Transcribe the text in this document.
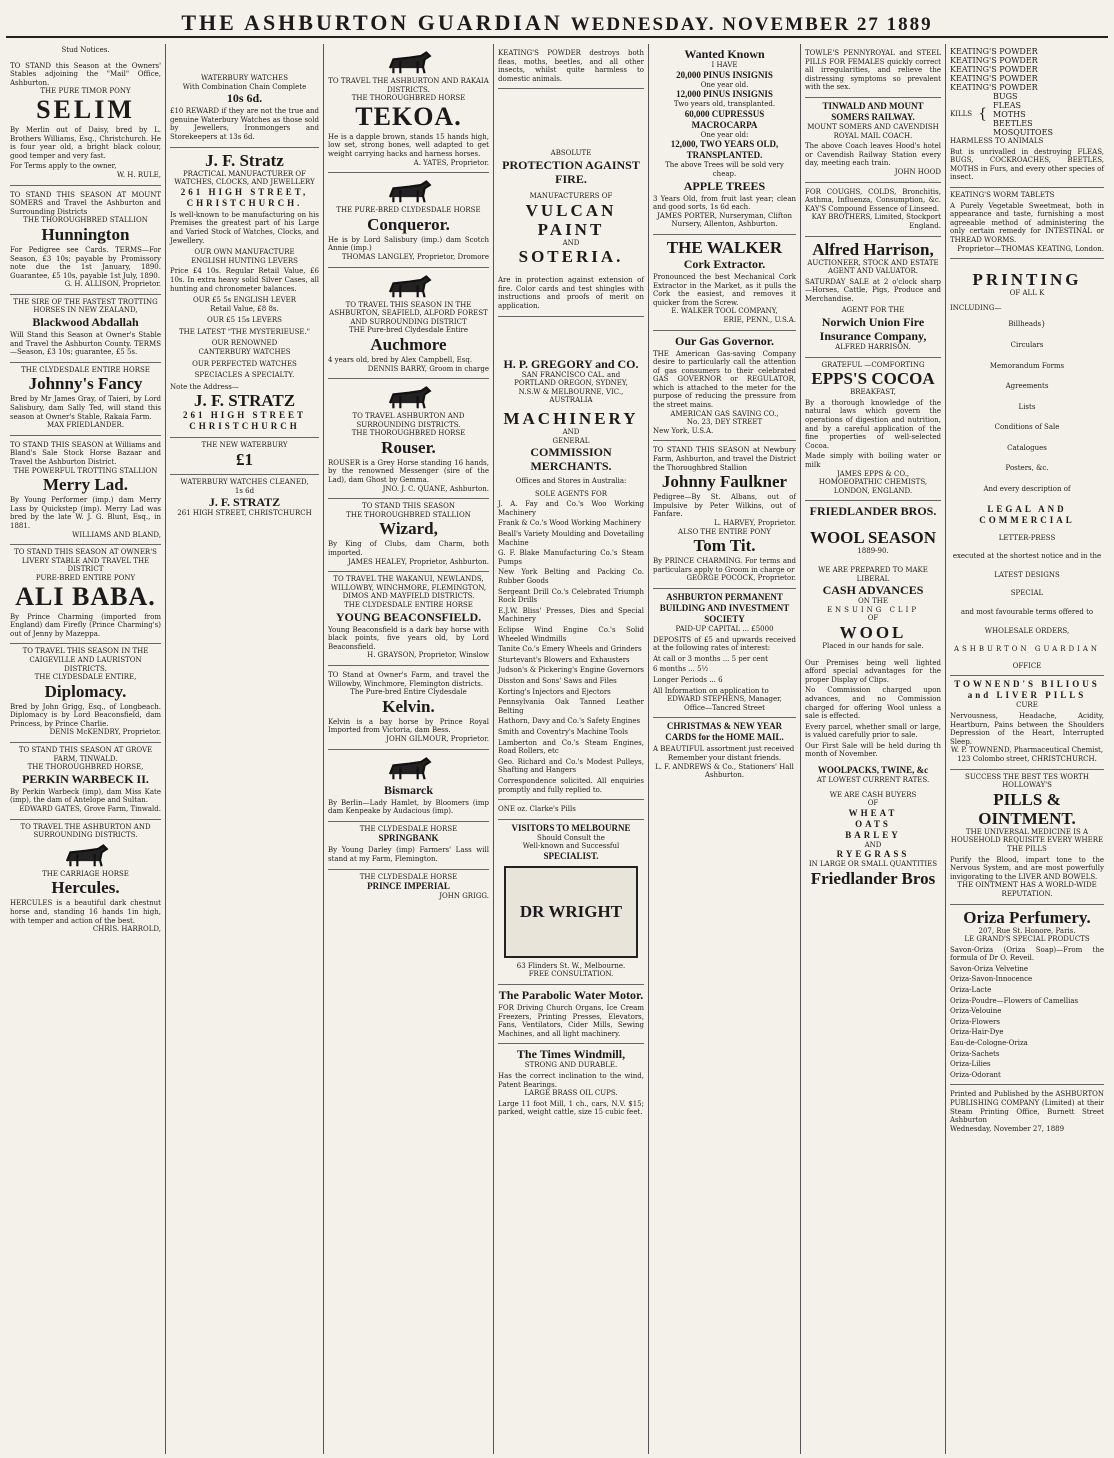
THE ASHBURTON GUARDIAN WEDNESDAY. NOVEMBER 27 1889
Stud Notices.

TO STAND this Season at the Owners' Stables adjoining the "Mail" Office, Ashburton.

THE PURE TIMOR PONY
SELIM

By Merlin out of Daisy, bred by L. Brothers Williams, Esq., Christchurch. He is four year old, a bright black colour, good temper and very fast.

For Terms apply to the owner,

W. H. RULE,

TO STAND THIS SEASON AT MOUNT SOMERS and Travel the Ashburton and Surrounding Districts

THE THOROUGHBRED STALLION
Hunnington

For Pedigree see Cards. TERMS—For Season, £3 10s; payable by Promissory note due the 1st January, 1890. Guarantee, £5 10s, payable 1st July, 1890.

G. H. ALLISON, Proprietor.
THE SIRE OF THE FASTEST TROTTING HORSES IN NEW ZEALAND,
Blackwood Abdallah

Will Stand this Season at Owner's Stable and Travel the Ashburton County. TERMS—Season, £3 10s; guarantee, £5 5s.

THE CLYDESDALE ENTIRE HORSE
Johnny's Fancy

Bred by Mr James Gray, of Taieri, by Lord Salisbury, dam Sally Ted, will stand this season at Owner's Stable, Rakaia Farm.

MAX FRIEDLANDER.

TO STAND THIS SEASON at Williams and Bland's Sale Stock Horse Bazaar and Travel the Ashburton District.

THE POWERFUL TROTTING STALLION
Merry Lad.

By Young Performer (imp.) dam Merry Lass by Quickstep (imp). Merry Lad was bred by the late W. J. G. Blunt, Esq., in 1881.

WILLIAMS AND BLAND,
TO STAND THIS SEASON AT OWNER'S LIVERY STABLE AND TRAVEL THE DISTRICT
PURE-BRED ENTIRE PONY
ALI BABA.

By Prince Charming (imported from England) dam Firefly (Prince Charming's) out of Jenny by Mazeppa.

TO TRAVEL THIS SEASON IN THE CAIGEVILLE AND LAURISTON DISTRICTS.
THE CLYDESDALE ENTIRE,
Diplomacy.

Bred by John Grigg, Esq., of Longbeach. Diplomacy is by Lord Beaconsfield, dam Princess, by Prince Charlie.

DENIS McKENDRY, Proprietor.
TO STAND THIS SEASON AT GROVE FARM, TINWALD.
THE THOROUGHBRED HORSE,
PERKIN WARBECK II.

By Perkin Warbeck (imp), dam Miss Kate (imp), the dam of Antelope and Sultan.

EDWARD GATES, Grove Farm, Tinwald.
TO TRAVEL THE ASHBURTON AND SURROUNDING DISTRICTS.
THE CARRIAGE HORSE
Hercules.

HERCULES is a beautiful dark chestnut horse and, standing 16 hands 1in high, with temper and action of the best.

CHRIS. HARROLD,
WATERBURY WATCHES
With Combination Chain Complete
10s 6d.

£10 REWARD if they are not the true and genuine Waterbury Watches as those sold by Jewellers, Ironmongers and Storekeepers at 13s 6d.

J. F. Stratz
PRACTICAL MANUFACTURER OF WATCHES, CLOCKS, AND JEWELLERY
261 HIGH STREET,
CHRISTCHURCH.

Is well-known to be manufacturing on his Premises the greatest part of his Large and Varied Stock of Watches, Clocks, and Jewellery.

OUR OWN MANUFACTURE
ENGLISH HUNTING LEVERS

Price £4 10s. Regular Retail Value, £6 10s. In extra heavy solid Silver Cases, all hunting and chronometer balances.

OUR £5 5s ENGLISH LEVER
Retail Value, £8 8s.
OUR £5 15s LEVERS
THE LATEST "THE MYSTERIEUSE."
OUR RENOWNED
CANTERBURY WATCHES
OUR PERFECTED WATCHES
SPECIACLES A SPECIALTY.
Note the Address—
J. F. STRATZ
261 HIGH STREET
CHRISTCHURCH
THE NEW WATERBURY
£1
WATERBURY WATCHES CLEANED,
1s 6d
J. F. STRATZ
261 HIGH STREET, CHRISTCHURCH
TO TRAVEL THE ASHBURTON AND RAKAIA DISTRICTS.
THE THOROUGHBRED HORSE
TEKOA.

He is a dapple brown, stands 15 hands high, low set, strong bones, well adapted to get weight carrying hacks and harness horses.

A. YATES, Proprietor.
THE PURE-BRED CLYDESDALE HORSE
Conqueror.

He is by Lord Salisbury (imp.) dam Scotch Annie (imp.)

THOMAS LANGLEY, Proprietor, Dromore
TO TRAVEL THIS SEASON IN THE ASHBURTON, SEAFIELD, ALFORD FOREST AND SURROUNDING DISTRICT
THE Pure-bred Clydesdale Entire
Auchmore

4 years old, bred by Alex Campbell, Esq.

DENNIS BARRY, Groom in charge
TO TRAVEL ASHBURTON AND SURROUNDING DISTRICTS.
THE THOROUGHBRED HORSE
Rouser.

ROUSER is a Grey Horse standing 16 hands, by the renowned Messenger (sire of the Lad), dam Ghost by Gemma.

JNO. J. C. QUANE, Ashburton.
TO STAND THIS SEASON
THE THOROUGHBRED STALLION
Wizard,

By King of Clubs, dam Charm, both imported.

JAMES HEALEY, Proprietor, Ashburton.
TO TRAVEL THE WAKANUI, NEWLANDS, WILLOWBY, WINCHMORE, FLEMINGTON, DIMOS AND MAYFIELD DISTRICTS.
THE CLYDESDALE ENTIRE HORSE
YOUNG BEACONSFIELD.

Young Beaconsfield is a dark bay horse with black points, five years old, by Lord Beaconsfield.

H. GRAYSON, Proprietor, Winslow

TO Stand at Owner's Farm, and travel the Willowby, Winchmore, Flemington districts.

The Pure-bred Entire Clydesdale
Kelvin.

Kelvin is a bay horse by Prince Royal Imported from Victoria, dam Bess.

JOHN GILMOUR, Proprietor.
Bismarck

By Berlin—Lady Hamlet, by Bloomers (imp dam Kenpeake by Audacious (imp).

THE CLYDESDALE HORSE
SPRINGBANK

By Young Darley (imp) Farmers' Lass will stand at my Farm, Flemington.

THE CLYDESDALE HORSE
PRINCE IMPERIAL
JOHN GRIGG.

KEATING'S POWDER destroys both fleas, moths, beetles, and all other insects, whilst quite harmless to domestic animals.

ABSOLUTE
PROTECTION AGAINST FIRE.
MANUFACTURERS OF
VULCAN PAINT
AND
SOTERIA.

Are in protection against extension of fire. Color cards and test shingles with instructions and proofs of merit on application.

H. P. GREGORY and CO.
SAN FRANCISCO CAL. and
PORTLAND OREGON, SYDNEY,
N.S.W & MELBOURNE, VIC.,
AUSTRALIA
MACHINERY
AND
GENERAL
COMMISSION MERCHANTS.
Offices and Stores in Australia:
SOLE AGENTS FOR

J. A. Fay and Co.'s Woo Working Machinery

Frank & Co.'s Wood Working Machinery

Beall's Variety Moulding and Dovetailing Machine

G. F. Blake Manufacturing Co.'s Steam Pumps

New York Belting and Packing Co. Rubber Goods

Sergeant Drill Co.'s Celebrated Triumph Rock Drills

E.J.W. Bliss' Presses, Dies and Special Machinery

Eclipse Wind Engine Co.'s Solid Wheeled Windmills

Tanite Co.'s Emery Wheels and Grinders

Sturtevant's Blowers and Exhausters

Judson's & Pickering's Engine Governors

Disston and Sons' Saws and Files

Korting's Injectors and Ejectors

Pennsylvania Oak Tanned Leather Belting

Hathorn, Davy and Co.'s Safety Engines

Smith and Coventry's Machine Tools

Lamberton and Co.'s Steam Engines, Road Rollers, etc

Geo. Richard and Co.'s Modest Pulleys, Shafting and Hangers

Correspondence solicited. All enquiries promptly and fully replied to.

ONE oz. Clarke's Pills

VISITORS TO MELBOURNE
Should Consult the
Well-known and Successful
SPECIALIST.
DR WRIGHT
63 Flinders St. W., Melbourne.
FREE CONSULTATION.
The Parabolic Water Motor.

FOR Driving Church Organs, Ice Cream Freezers, Printing Presses, Elevators, Fans, Ventilators, Cider Mills, Sewing Machines, and all light machinery.

The Times Windmill,
STRONG AND DURABLE.

Has the correct inclination to the wind, Patent Bearings.

LARGE BRASS OIL CUPS.

Large 11 foot Mill, 1 ch., cars, N.V. $15; parked, weight cattle, size 15 cubic feet.

Wanted Known
I HAVE
20,000 PINUS INSIGNIS
One year old.
12,000 PINUS INSIGNIS
Two years old, transplanted.
60,000 CUPRESSUS MACROCARPA
One year old:
12,000, TWO YEARS OLD, TRANSPLANTED.
The above Trees will be sold very cheap.
APPLE TREES

3 Years Old, from fruit last year; clean and good sorts, 1s 6d each.

JAMES PORTER, Nurseryman, Clifton Nursery, Allenton, Ashburton.
THE WALKER
Cork Extractor.

Pronounced the best Mechanical Cork Extractor in the Market, as it pulls the Cork the easiest, and removes it quicker from the Screw.

E. WALKER TOOL COMPANY,
ERIE, PENN., U.S.A.
Our Gas Governor.

THE American Gas-saving Company desire to particularly call the attention of gas consumers to their celebrated GAS GOVERNOR or REGULATOR, which is attached to the meter for the purpose of reducing the pressure from the street mains.

AMERICAN GAS SAVING CO.,
No. 23, DEY STREET
New York, U.S.A.

TO STAND THIS SEASON at Newbury Farm, Ashburton, and travel the District the Thoroughbred Stallion

Johnny Faulkner

Pedigree—By St. Albans, out of Impulsive by Peter Wilkins, out of Fanfare.

L. HARVEY, Proprietor.
ALSO THE ENTIRE PONY
Tom Tit.

By PRINCE CHARMING. For terms and particulars apply to Groom in charge or

GEORGE POCOCK, Proprietor.
ASHBURTON PERMANENT BUILDING AND INVESTMENT SOCIETY
PAID-UP CAPITAL ... £5000

DEPOSITS of £5 and upwards received at the following rates of interest:

At call or 3 months ... 5 per cent

6 months ... 5½

Longer Periods ... 6

All Information on application to

EDWARD STEPHENS, Manager,
Office—Tancred Street
CHRISTMAS & NEW YEAR CARDS for the HOME MAIL.

A BEAUTIFUL assortment just received

Remember your distant friends.
L. F. ANDREWS & Co., Stationers' Hall Ashburton.

TOWLE'S PENNYROYAL and STEEL PILLS FOR FEMALES quickly correct all irregularities, and relieve the distressing symptoms so prevalent with the sex.

TINWALD AND MOUNT SOMERS RAILWAY.
MOUNT SOMERS AND CAVENDISH ROYAL MAIL COACH.

The above Coach leaves Hood's hotel or Cavendish Railway Station every day, meeting each train.

JOHN HOOD

FOR COUGHS, COLDS, Bronchitis, Asthma, Influenza, Consumption, &c. KAY'S Compound Essence of Linseed.

KAY BROTHERS, Limited, Stockport England.
Alfred Harrison,
AUCTIONEER, STOCK AND ESTATE AGENT AND VALUATOR.

SATURDAY SALE at 2 o'clock sharp —Horses, Cattle, Pigs, Produce and Merchandise.

AGENT FOR THE
Norwich Union Fire Insurance Company,
ALFRED HARRISON.
GRATEFUL —COMFORTING
EPPS'S COCOA
BREAKFAST,

By a thorough knowledge of the natural laws which govern the operations of digestion and nutrition, and by a careful application of the fine properties of well-selected Cocoa.

Made simply with boiling water or milk

JAMES EPPS & CO., HOMOEOPATHIC CHEMISTS, LONDON, ENGLAND.
FRIEDLANDER BROS.
WOOL SEASON
1889-90.
WE ARE PREPARED TO MAKE LIBERAL
CASH ADVANCES
ON THE
ENSUING CLIP
OF
WOOL
Placed in our hands for sale.

Our Premises being well lighted afford special advantages for the proper Display of Clips.

No Commission charged upon advances, and no Commission charged for offering Wool unless a sale is effected.

Every parcel, whether small or large, is valued carefully prior to sale.

Our First Sale will be held during th month of November.

WOOLPACKS, TWINE, &c
AT LOWEST CURRENT RATES.
WE ARE CASH BUYERS
OF
WHEAT
OATS
BARLEY
AND
RYEGRASS
IN LARGE OR SMALL QUANTITIES
Friedlander Bros
KEATING'S POWDER
KEATING'S POWDER
KEATING'S POWDER
KEATING'S POWDER
KEATING'S POWDER
KILLS {
BUGS
FLEAS
MOTHS
BEETLES
MOSQUITOES
HARMLESS TO ANIMALS

But is unrivalled in destroying FLEAS, BUGS, COCKROACHES, BEETLES, MOTHS in Furs, and every other species of insect.

KEATING'S WORM TABLETS

A Purely Vegetable Sweetmeat, both in appearance and taste, furnishing a most agreeable method of administering the only certain remedy for INTESTINAL or THREAD WORMS.

Proprietor—THOMAS KEATING, London.
PRINTING
OF ALL K
INCLUDING—
Billheads}
Circulars
Memorandum Forms
Agreements
Lists
Conditions of Sale
Catalogues
Posters, &c.
And every description of
LEGAL AND COMMERCIAL
LETTER-PRESS
executed at the shortest notice and in the
LATEST DESIGNS
SPECIAL
and most favourable terms offered to
WHOLESALE ORDERS,
ASHBURTON GUARDIAN
OFFICE
TOWNEND'S BILIOUS and LIVER PILLS
CURE

Nervousness, Headache, Acidity, Heartburn, Pains between the Shoulders Depression of the Heart, Interrupted Sleep.

W. P. TOWNEND, Pharmaceutical Chemist, 123 Colombo street, CHRISTCHURCH.
SUCCESS THE BEST TES WORTH
HOLLOWAY'S
PILLS & OINTMENT.
THE UNIVERSAL MEDICINE IS A HOUSEHOLD REQUISITE EVERY WHERE
THE PILLS

Purify the Blood, impart tone to the Nervous System, and are most powerfully invigorating to the LIVER AND BOWELS.

THE OINTMENT HAS A WORLD-WIDE REPUTATION.
Oriza Perfumery.
207, Rue St. Honore, Paris.
LE GRAND'S SPECIAL PRODUCTS

Savon-Oriza (Oriza Soap)—From the formula of Dr O. Reveil.

Savon-Oriza Velvetine

Oriza-Savon-Innocence

Oriza-Lacte

Oriza-Poudre—Flowers of Camellias

Oriza-Velouine

Oriza-Flowers

Oriza-Hair-Dye

Eau-de-Cologne-Oriza

Oriza-Sachets

Oriza-Lilies

Oriza-Odorant

Printed and Published by the ASHBURTON PUBLISHING COMPANY (Limited) at their Steam Printing Office, Burnett Street Ashburton

Wednesday, November 27, 1889
